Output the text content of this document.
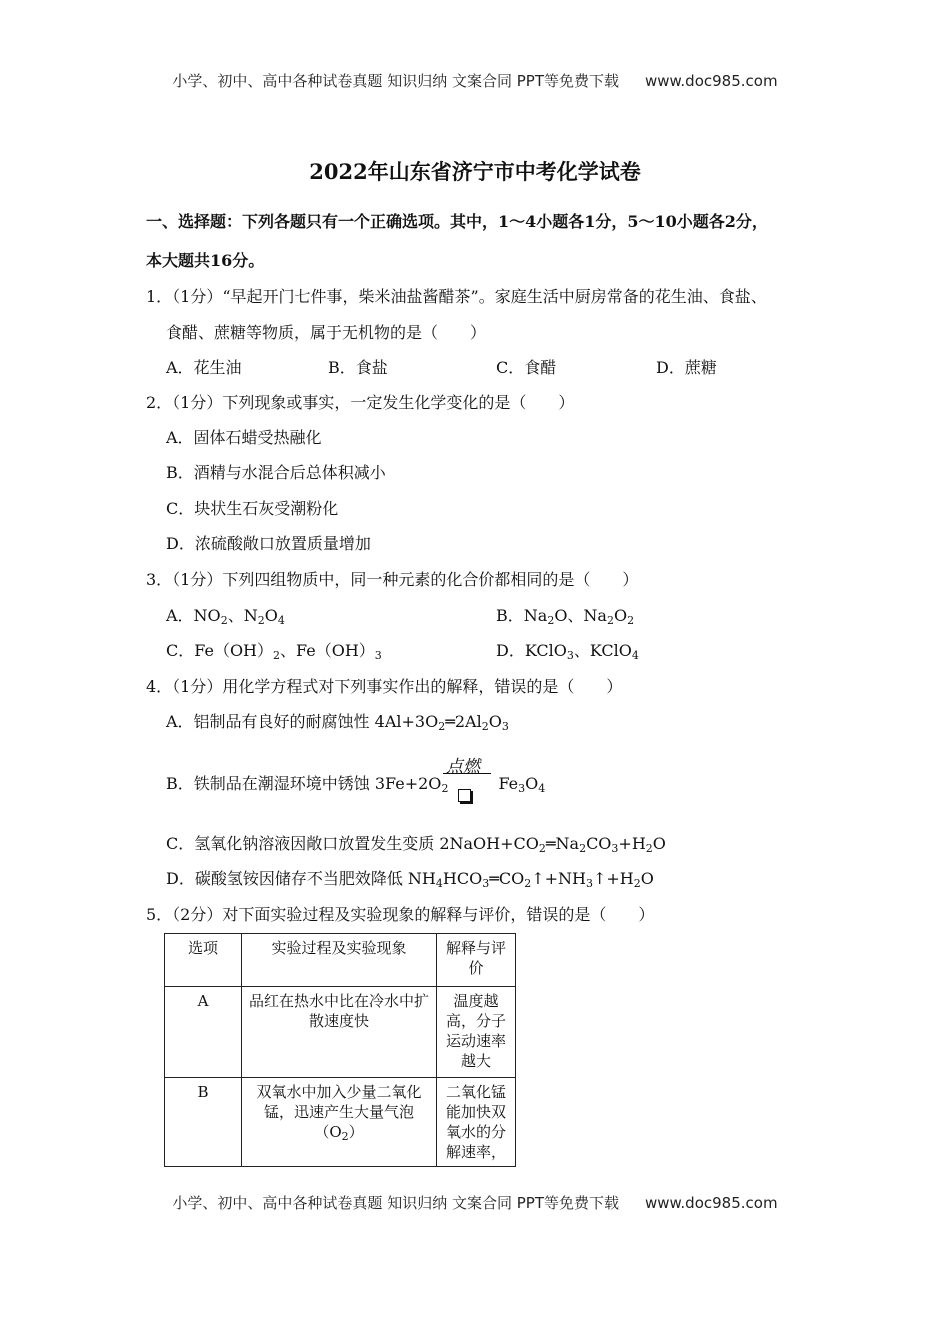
小学、初中、高中各种试卷真题 知识归纳 文案合同 PPT等免费下载 www.doc985.com
2022年山东省济宁市中考化学试卷
一、选择题：下列各题只有一个正确选项。其中，1～4小题各1分，5～10小题各2分，
本大题共16分。
1．（1分）“早起开门七件事，柴米油盐酱醋茶”。家庭生活中厨房常备的花生油、食盐、
食醋、蔗糖等物质，属于无机物的是（　　）
A．花生油	B．食盐	C．食醋	D．蔗糖
2．（1分）下列现象或事实，一定发生化学变化的是（　　）
A．固体石蜡受热融化
B．酒精与水混合后总体积减小
C．块状生石灰受潮粉化
D．浓硫酸敞口放置质量增加
3．（1分）下列四组物质中，同一种元素的化合价都相同的是（　　）
A．$NO_2$、$N_2O_4$	B．$Na_2O$、$Na_2O_2$
C．$Fe(OH)_2$、$Fe(OH)_3$	D．KClO$_3$、KClO$_4$
4．（1分）用化学方程式对下列事实作出的解释，错误的是（　　）
A．铝制品有良好的耐腐蚀性 $4Al+3O_2═2Al_2O_3$
B．铁制品在潮湿环境中锈蚀 $3Fe+2O_2$	$Fe_3O_4$
点燃
C．氢氧化钠溶液因敞口放置发生变质 $2NaOH+CO_2═Na_2CO_3+H_2O$
D．碳酸氢铵因储存不当肥效降低 $NH_4HCO_3═CO_2↑+NH_3↑+H_2O$
5．（2分）对下面实验过程及实验现象的解释与评价，错误的是（　　）
选项	实验过程及实验现象	解释与评价
A	品红在热水中比在冷水中扩散速度快	温度越高，分子运动速率越大
B	双氧水中加入少量二氧化锰，迅速产生大量气泡$(O_2)$	二氧化锰能加快双氧水的分解速率，
小学、初中、高中各种试卷真题 知识归纳 文案合同 PPT等免费下载 www.doc985.com
